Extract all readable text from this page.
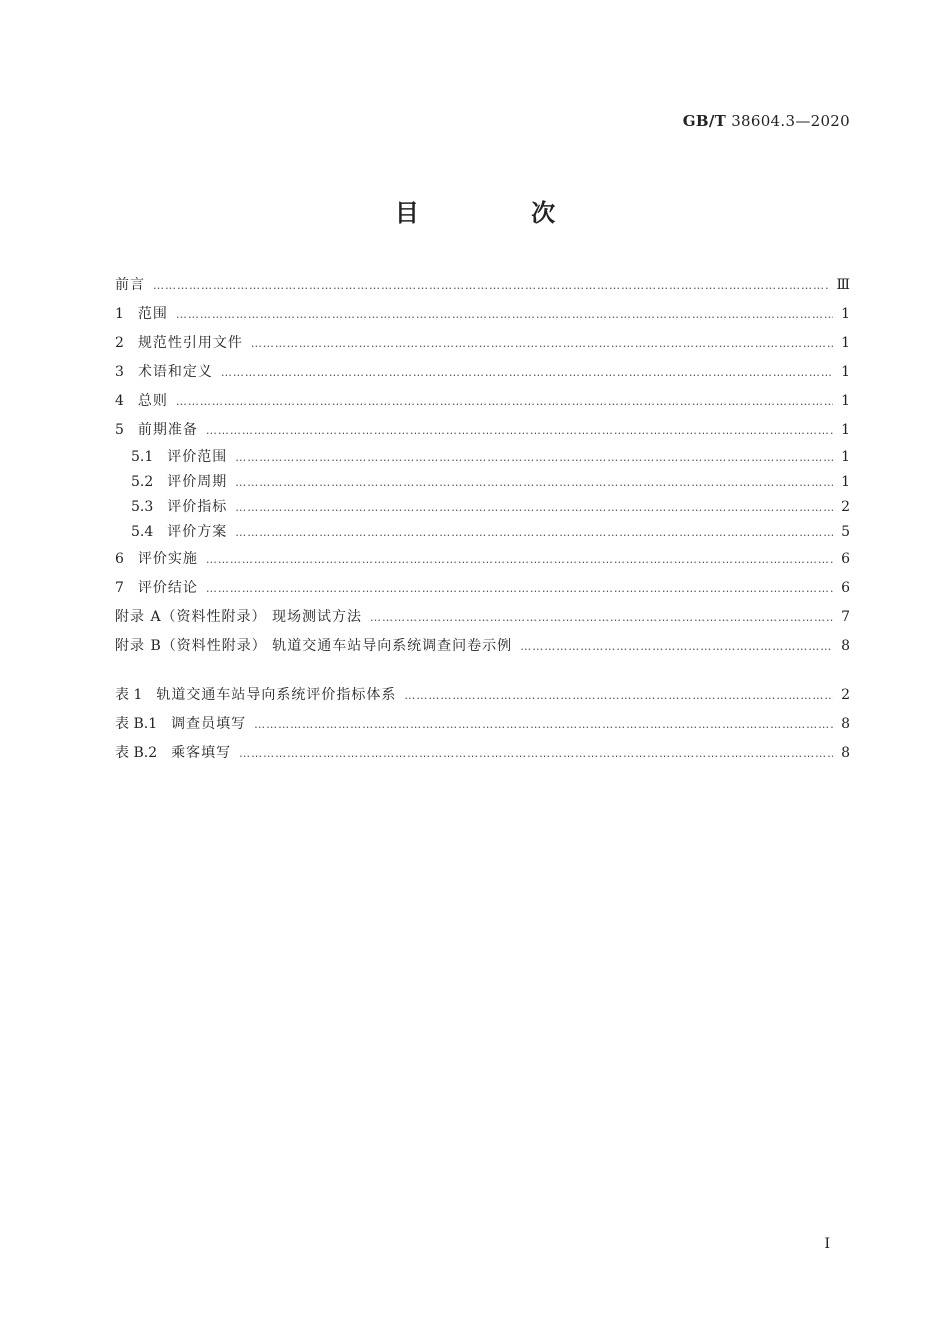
GB/T 38604.3—2020
目 次
前言 ……………………………………………………………………………………………………………………………………………………………………………………………………………………………	Ⅲ
1 范围 ……………………………………………………………………………………………………………………………………………………………………………………………………………………………	1
2 规范性引用文件 ……………………………………………………………………………………………………………………………………………………………………………………………………………………………	1
3 术语和定义 ……………………………………………………………………………………………………………………………………………………………………………………………………………………………	1
4 总则 ……………………………………………………………………………………………………………………………………………………………………………………………………………………………	1
5 前期准备 ……………………………………………………………………………………………………………………………………………………………………………………………………………………………	1
5.1 评价范围 ……………………………………………………………………………………………………………………………………………………………………………………………………………………………	1
5.2 评价周期 ……………………………………………………………………………………………………………………………………………………………………………………………………………………………	1
5.3 评价指标 ……………………………………………………………………………………………………………………………………………………………………………………………………………………………	2
5.4 评价方案 ……………………………………………………………………………………………………………………………………………………………………………………………………………………………	5
6 评价实施 ……………………………………………………………………………………………………………………………………………………………………………………………………………………………	6
7 评价结论 ……………………………………………………………………………………………………………………………………………………………………………………………………………………………	6
附录 A（资料性附录） 现场测试方法 ……………………………………………………………………………………………………………………………………………………………………………………………………………………………	7
附录 B（资料性附录） 轨道交通车站导向系统调查问卷示例 ……………………………………………………………………………………………………………………………………………………………………………………………………………………………	8
表 1 轨道交通车站导向系统评价指标体系 ……………………………………………………………………………………………………………………………………………………………………………………………………………………………	2
表 B.1 调查员填写 ……………………………………………………………………………………………………………………………………………………………………………………………………………………………	8
表 B.2 乘客填写 ……………………………………………………………………………………………………………………………………………………………………………………………………………………………	8
I
